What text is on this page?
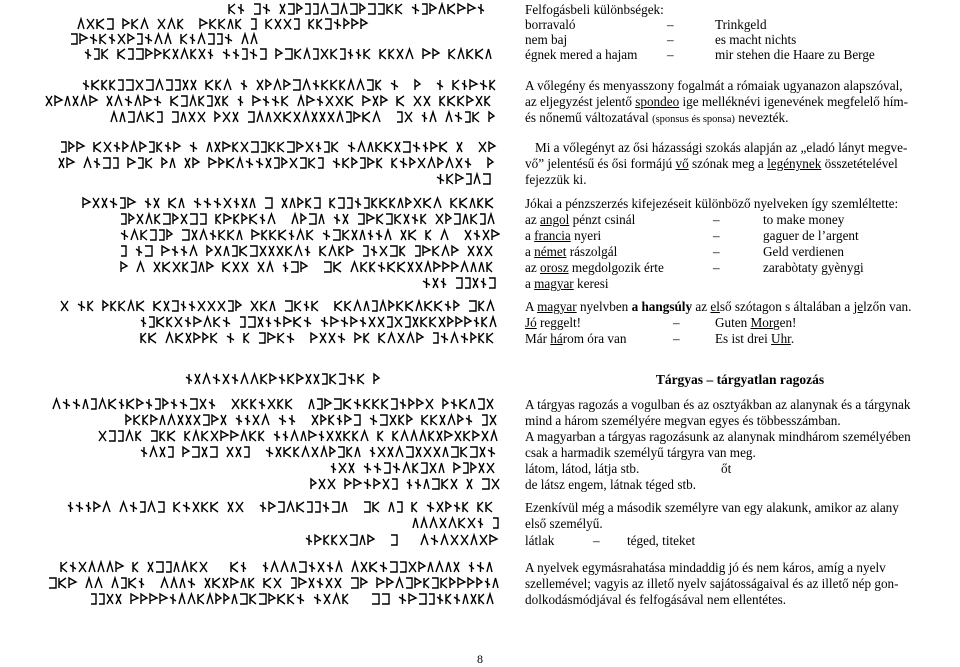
Felfogásbeli különbségek:
borravaló	–	Trinkgeld
nem baj	–	es macht nichts
égnek mered a hajam –	mir stehen die Haare zu Berge
A vőlegény és menyasszony fogalmát a rómaiak ugyanazon alapszóval,
az eljegyzést jelentő spondeo ige melléknévi igenevének megfelelő hím-
és nőnemű változatával (sponsus és sponsa) nevezték.
Mi a vőlegényt az ősi házassági szokás alapján az „eladó lányt megve-
vő” jelentésű és ősi formájú vő szónak meg a legénynek összetételével
fejezzük ki.
Jókai a pénzszerzés kifejezéseit különböző nyelveken így szemléltette:
az angol pénzt csinál	–	to make money
a francia nyeri	–	gaguer de l’argent
a német rászolgál	–	Geld verdienen
az orosz megdolgozik érte	–	zarabòtaty gyènygi
a magyar keresi
A magyar nyelvben a hangsúly az első szótagon s általában a jelzőn van.
Jó reggelt!	–	Guten Morgen!
Már három óra van	–	Es ist drei Uhr.
Tárgyas – tárgyatlan ragozás
A tárgyas ragozás a vogulban és az osztyákban az alanynak és a tárgynak
mind a három személyére megvan egyes és többesszámban.
A magyarban a tárgyas ragozásunk az alanynak mindhárom személyében
csak a harmadik személyű tárgyra van meg.
látom, látod, látja stb.	őt
de látsz engem, látnak téged stb.
Ezenkívül még a második személyre van egy alakunk, amikor az alany
első személyű.
látlak	– téged, titeket
A nyelvek egymásrahatása mindaddig jó és nem káros, amíg a nyelv
szellemével; vagyis az illető nyelv sajátosságaival és az illető nép gon-
dolkodásmódjával és felfogásával nem ellentétes.
8
